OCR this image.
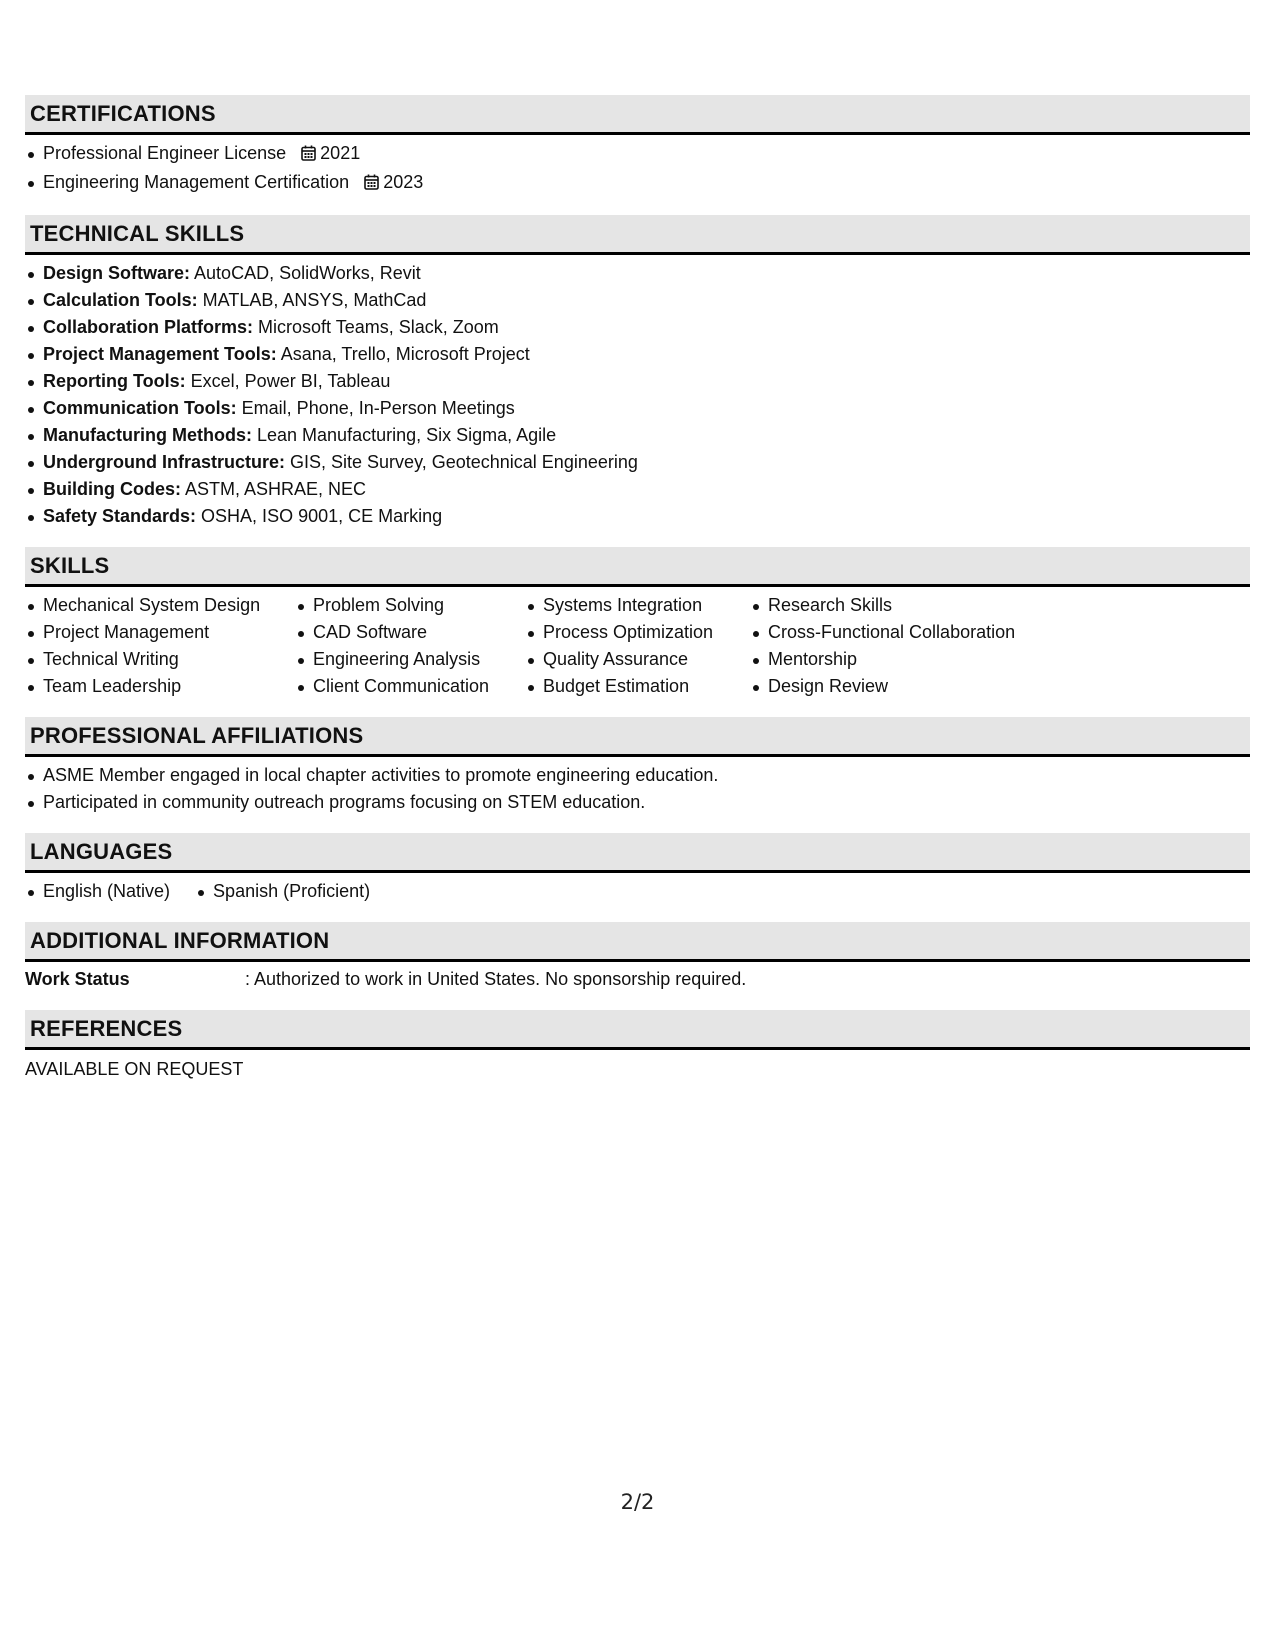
CERTIFICATIONS
Professional Engineer License 2021
Engineering Management Certification 2023
TECHNICAL SKILLS
Design Software: AutoCAD, SolidWorks, Revit
Calculation Tools: MATLAB, ANSYS, MathCad
Collaboration Platforms: Microsoft Teams, Slack, Zoom
Project Management Tools: Asana, Trello, Microsoft Project
Reporting Tools: Excel, Power BI, Tableau
Communication Tools: Email, Phone, In-Person Meetings
Manufacturing Methods: Lean Manufacturing, Six Sigma, Agile
Underground Infrastructure: GIS, Site Survey, Geotechnical Engineering
Building Codes: ASTM, ASHRAE, NEC
Safety Standards: OSHA, ISO 9001, CE Marking
SKILLS
Mechanical System Design
Project Management
Technical Writing
Team Leadership
Problem Solving
CAD Software
Engineering Analysis
Client Communication
Systems Integration
Process Optimization
Quality Assurance
Budget Estimation
Research Skills
Cross-Functional Collaboration
Mentorship
Design Review
PROFESSIONAL AFFILIATIONS
ASME Member engaged in local chapter activities to promote engineering education.
Participated in community outreach programs focusing on STEM education.
LANGUAGES
English (Native)	Spanish (Proficient)
ADDITIONAL INFORMATION
Work Status	: Authorized to work in United States. No sponsorship required.
REFERENCES
AVAILABLE ON REQUEST
2/2
